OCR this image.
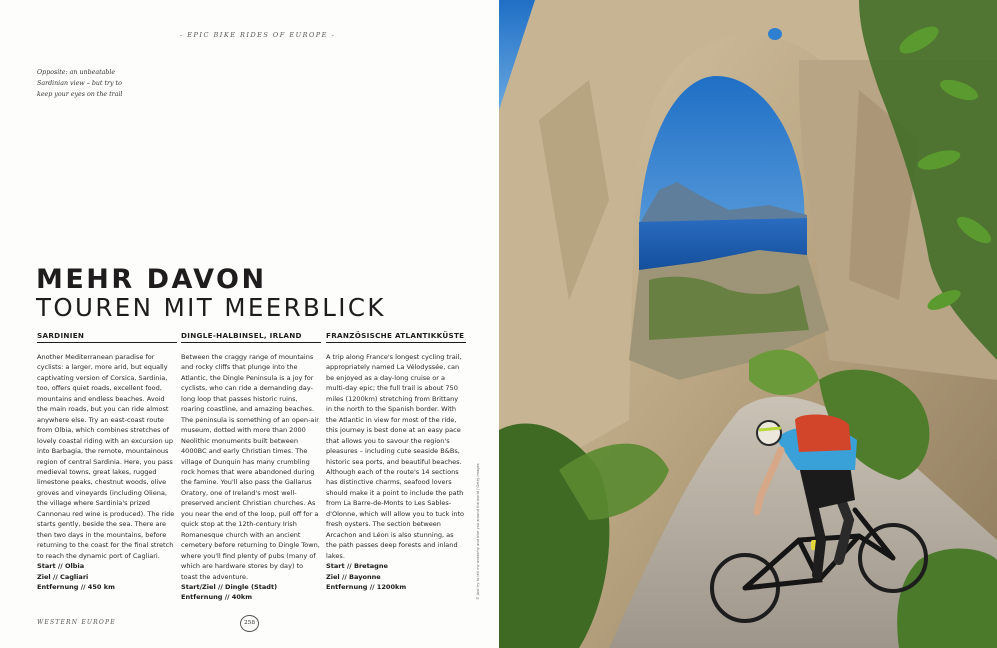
- EPIC BIKE RIDES OF EUROPE -
Opposite: an unbeatable
Sardinian view – but try to
keep your eyes on the trail
MEHR DAVON
TOUREN MIT MEERBLICK
SARDINIEN
Another Mediterranean paradise for cyclists: a larger, more arid, but equally captivating version of Corsica, Sardinia, too, offers quiet roads, excellent food, mountains and endless beaches. Avoid the main roads, but you can ride almost anywhere else. Try an east-coast route from Olbia, which combines stretches of lovely coastal riding with an excursion up into Barbagia, the remote, mountainous region of central Sardinia. Here, you pass medieval towns, great lakes, rugged limestone peaks, chestnut woods, olive groves and vineyards (including Oliena, the village where Sardinia's prized Cannonau red wine is produced). The ride starts gently, beside the sea. There are then two days in the mountains, before returning to the coast for the final stretch to reach the dynamic port of Cagliari.
Start // Olbia
Ziel // Cagliari
Entfernung // 450 km
DINGLE-HALBINSEL, IRLAND
Between the craggy range of mountains and rocky cliffs that plunge into the Atlantic, the Dingle Peninsula is a joy for cyclists, who can ride a demanding day-long loop that passes historic ruins, roaring coastline, and amazing beaches. The peninsula is something of an open-air museum, dotted with more than 2000 Neolithic monuments built between 4000BC and early Christian times. The village of Dunquin has many crumbling rock homes that were abandoned during the famine. You'll also pass the Gallarus Oratory, one of Ireland's most well-preserved ancient Christian churches. As you near the end of the loop, pull off for a quick stop at the 12th-century Irish Romanesque church with an ancient cemetery before returning to Dingle Town, where you'll find plenty of pubs (many of which are hardware stores by day) to toast the adventure.
Start/Ziel // Dingle (Stadt)
Entfernung // 40km
FRANZÖSISCHE ATLANTIKKÜSTE
A trip along France's longest cycling trail, appropriately named La Vélodyssée, can be enjoyed as a day-long cruise or a multi-day epic; the full trail is about 750 miles (1200km) stretching from Brittany in the north to the Spanish border. With the Atlantic in view for most of the ride, this journey is best done at an easy pace that allows you to savour the region's pleasures – including cute seaside B&Bs, historic sea ports, and beautiful beaches. Although each of the route's 14 sections has distinctive charms, seafood lovers should make it a point to include the path from La Barre-de-Monts to Les Sables-d'Olonne, which will allow you to tuck into fresh oysters. The section between Arcachon and Léon is also stunning, as the path passes deep forests and inland lakes.
Start // Bretagne
Ziel // Bayonne
Entfernung // 1200km
WESTERN EUROPE	258
© Just try to tell my anatomy and bike you around the world / Getty Images
